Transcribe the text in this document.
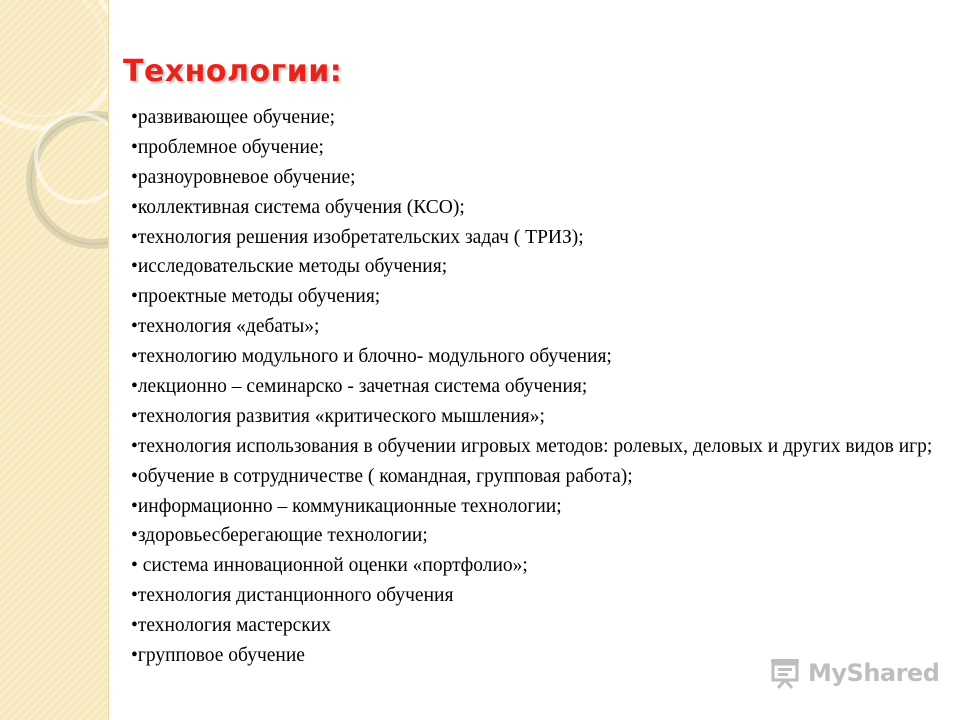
Технологии:
•развивающее обучение;
•проблемное обучение;
•разноуровневое обучение;
•коллективная система обучения (КСО);
•технология решения изобретательских задач ( ТРИЗ);
•исследовательские методы обучения;
•проектные методы обучения;
•технология «дебаты»;
•технологию модульного и блочно- модульного обучения;
•лекционно – семинарско - зачетная система обучения;
•технология развития «критического мышления»;
•технология использования в обучении игровых методов: ролевых, деловых и других видов игр;
•обучение в сотрудничестве ( командная, групповая работа);
•информационно – коммуникационные технологии;
•здоровьесберегающие технологии;
• система инновационной оценки «портфолио»;
•технология дистанционного обучения
•технология мастерских
•групповое обучение
MyShared
